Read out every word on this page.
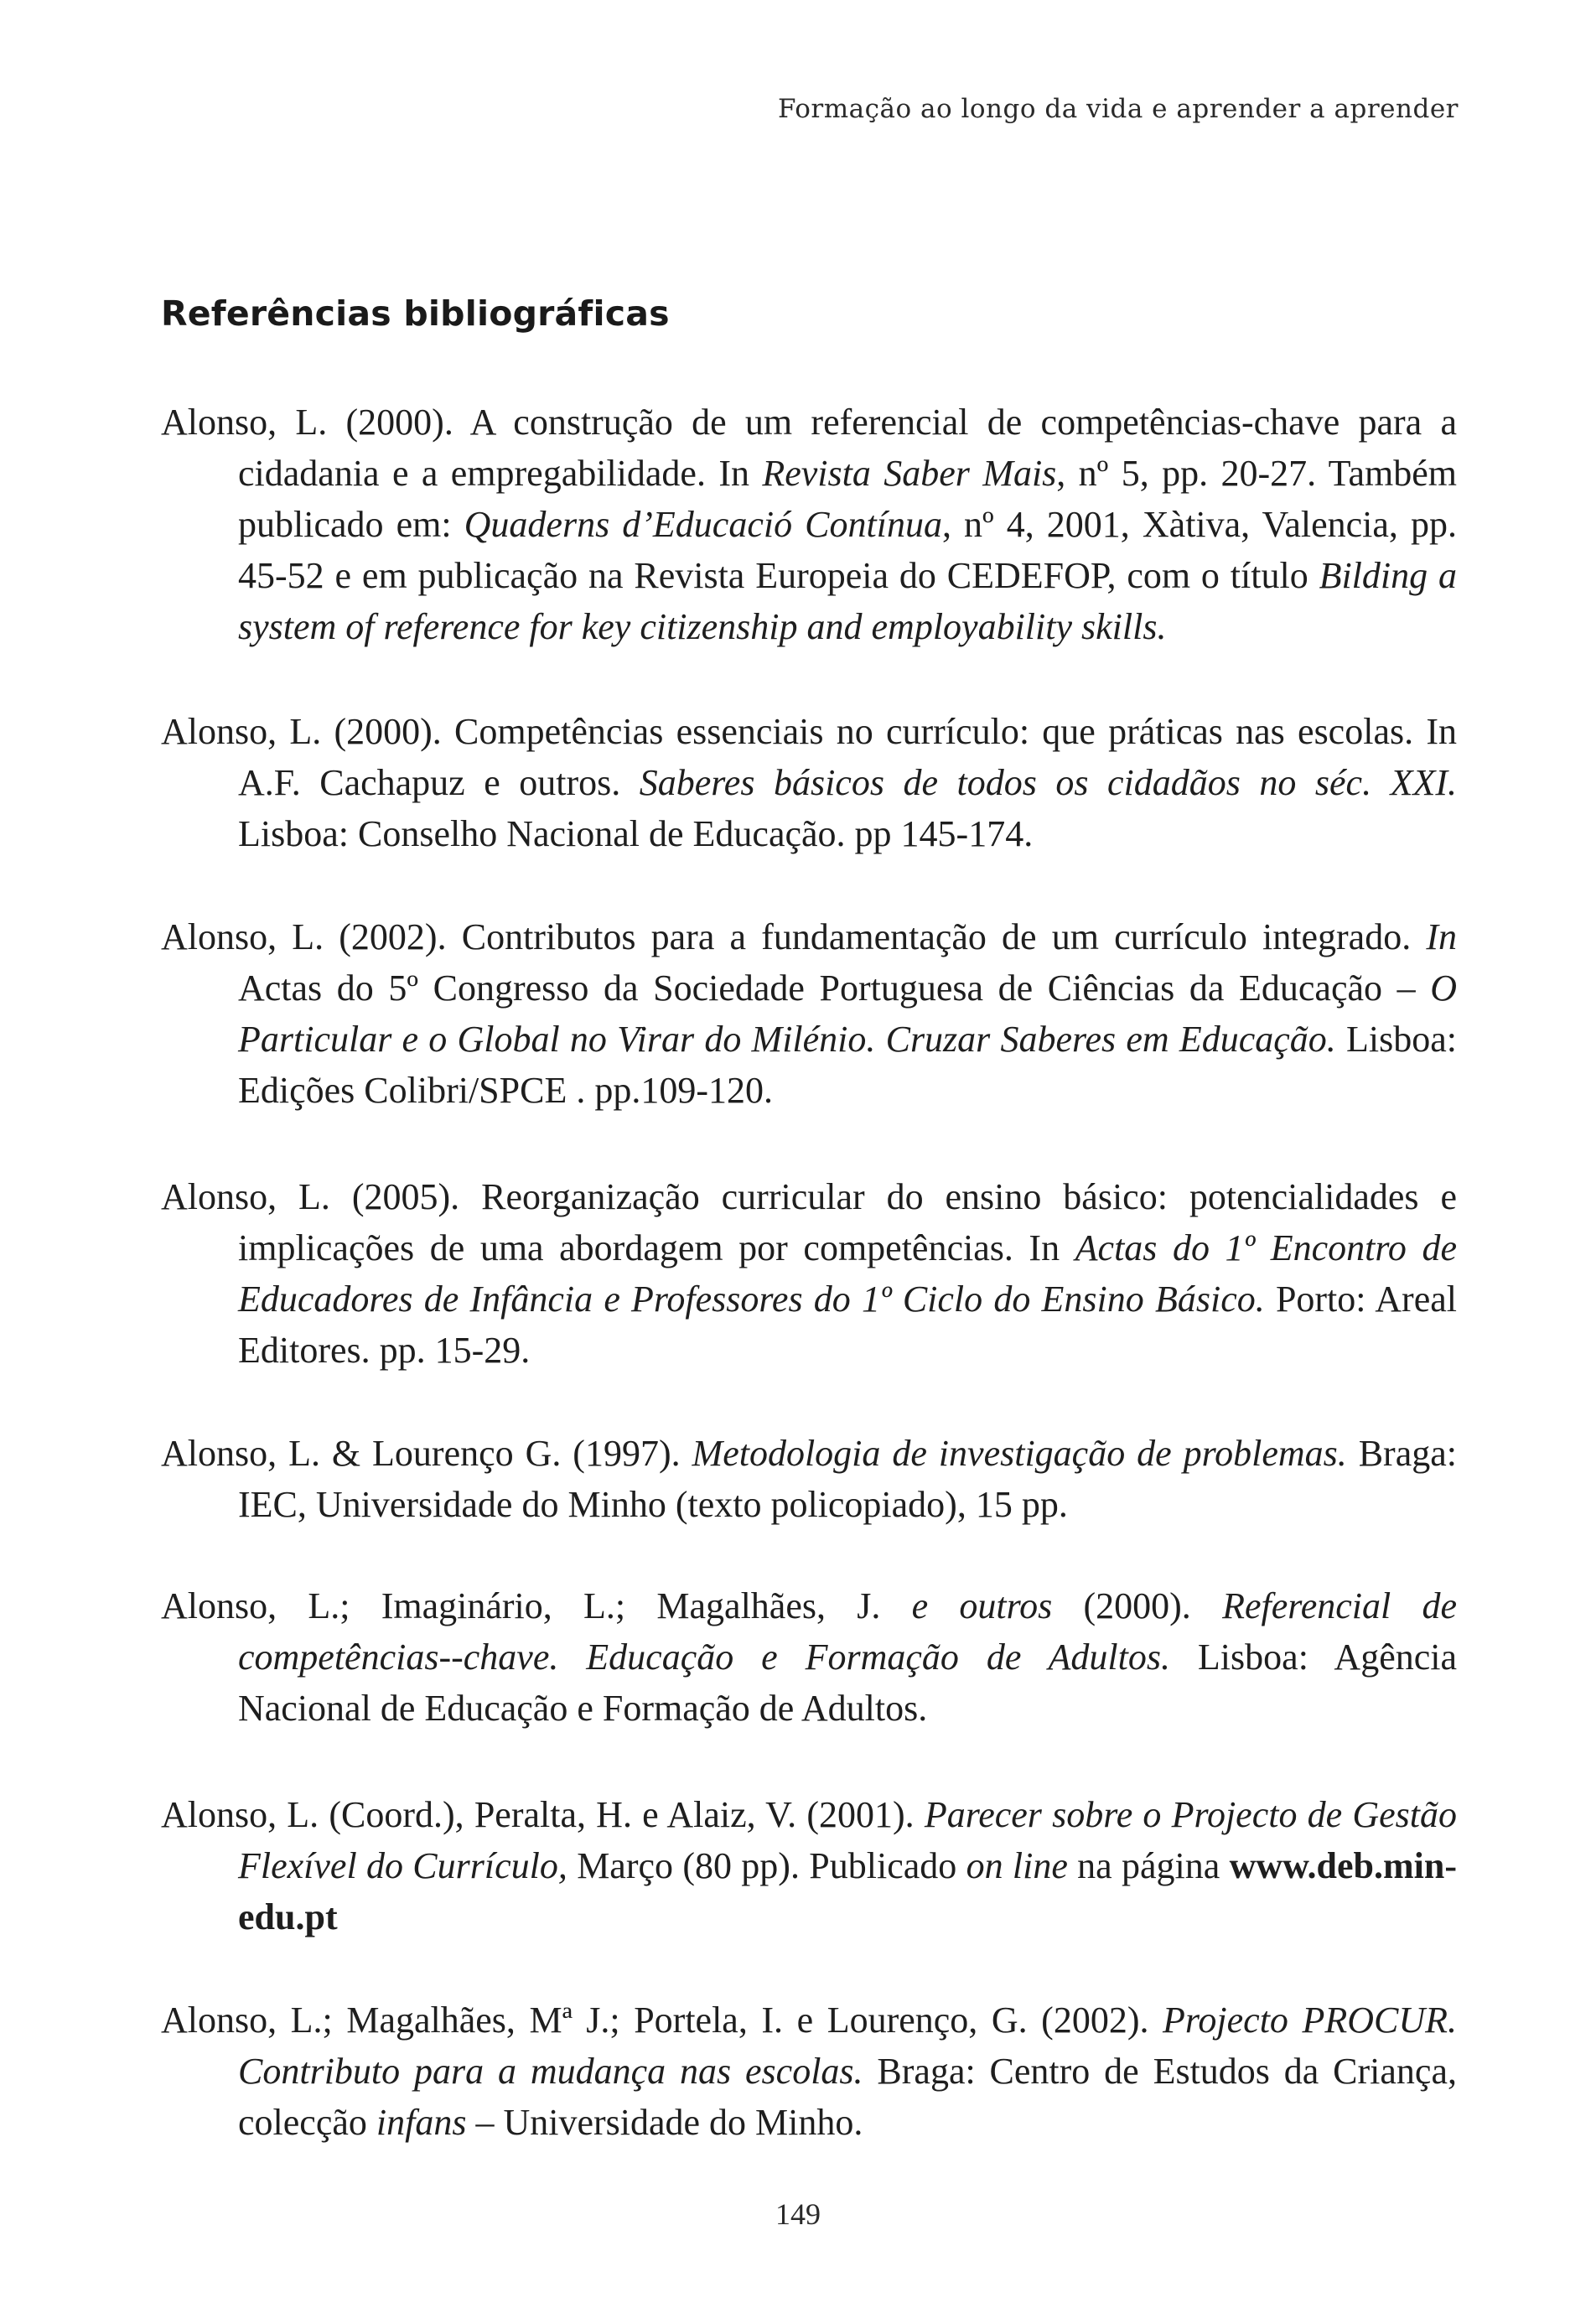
Formação ao longo da vida e aprender a aprender
Referências bibliográficas

Alonso, L. (2000). A construção de um referencial de competências-chave para a cidadania e a empregabilidade. In Revista Saber Mais, nº 5, pp. 20-27. Também publicado em: Quaderns d’Educació Contínua, nº 4, 2001, Xàtiva, Valencia, pp. 45-52 e em publicação na Revista Europeia do CEDEFOP, com o título Bilding a system of reference for key citizenship and employability skills.

Alonso, L. (2000). Competências essenciais no currículo: que práticas nas escolas. In A.F. Cachapuz e outros. Saberes básicos de todos os cidadãos no séc. XXI. Lisboa: Conselho Nacional de Educação. pp 145-174.

Alonso, L. (2002). Contributos para a fundamentação de um currículo integrado. In Actas do 5º Congresso da Sociedade Portuguesa de Ciências da Educação – O Particular e o Global no Virar do Milénio. Cruzar Saberes em Educação. Lisboa: Edições Colibri/SPCE . pp.109-120.

Alonso, L. (2005). Reorganização curricular do ensino básico: potencialidades e implicações de uma abordagem por competências. In Actas do 1º Encontro de Educadores de Infância e Professores do 1º Ciclo do Ensino Básico. Porto: Areal Editores. pp. 15-29.

Alonso, L. & Lourenço G. (1997). Metodologia de investigação de problemas. Braga: IEC, Universidade do Minho (texto policopiado), 15 pp.

Alonso, L.; Imaginário, L.; Magalhães, J. e outros (2000). Referencial de competências--chave. Educação e Formação de Adultos. Lisboa: Agência Nacional de Educação e Formação de Adultos.

Alonso, L. (Coord.), Peralta, H. e Alaiz, V. (2001). Parecer sobre o Projecto de Gestão Flexível do Currículo, Março (80 pp). Publicado on line na página www.deb.min-edu.pt

Alonso, L.; Magalhães, Mª J.; Portela, I. e Lourenço, G. (2002). Projecto PROCUR. Contributo para a mudança nas escolas. Braga: Centro de Estudos da Criança, colecção infans – Universidade do Minho.

149
